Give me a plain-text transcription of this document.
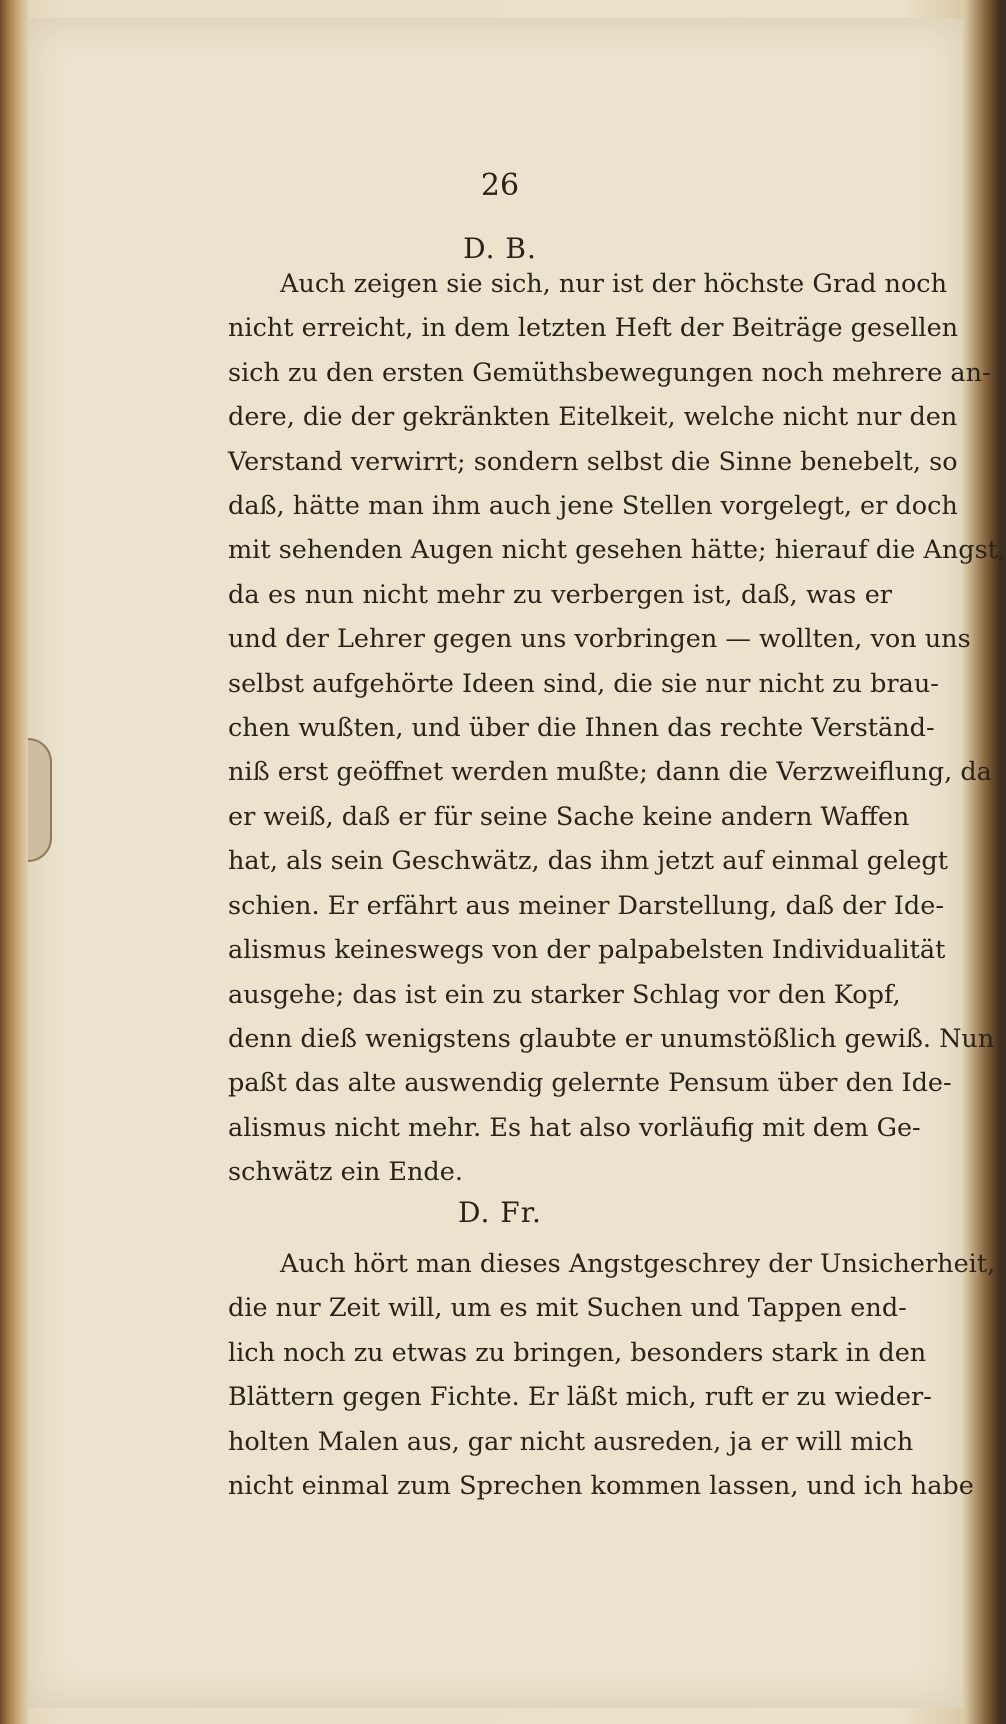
26
D. B.
Auch zeigen sie sich, nur ist der höchste Grad noch
nicht erreicht, in dem letzten Heft der Beiträge gesellen
sich zu den ersten Gemüthsbewegungen noch mehrere an-
dere, die der gekränkten Eitelkeit, welche nicht nur den
Verstand verwirrt; sondern selbst die Sinne benebelt, so
daß, hätte man ihm auch jene Stellen vorgelegt, er doch
mit sehenden Augen nicht gesehen hätte; hierauf die Angst,
da es nun nicht mehr zu verbergen ist, daß, was er
und der Lehrer gegen uns vorbringen — wollten, von uns
selbst aufgehörte Ideen sind, die sie nur nicht zu brau-
chen wußten, und über die Ihnen das rechte Verständ-
niß erst geöffnet werden mußte; dann die Verzweiflung, da
er weiß, daß er für seine Sache keine andern Waffen
hat, als sein Geschwätz, das ihm jetzt auf einmal gelegt
schien. Er erfährt aus meiner Darstellung, daß der Ide-
alismus keineswegs von der palpabelsten Individualität
ausgehe; das ist ein zu starker Schlag vor den Kopf,
denn dieß wenigstens glaubte er unumstößlich gewiß. Nun
paßt das alte auswendig gelernte Pensum über den Ide-
alismus nicht mehr. Es hat also vorläufig mit dem Ge-
schwätz ein Ende.
D. Fr.
Auch hört man dieses Angstgeschrey der Unsicherheit,
die nur Zeit will, um es mit Suchen und Tappen end-
lich noch zu etwas zu bringen, besonders stark in den
Blättern gegen Fichte. Er läßt mich, ruft er zu wieder-
holten Malen aus, gar nicht ausreden, ja er will mich
nicht einmal zum Sprechen kommen lassen, und ich habe
